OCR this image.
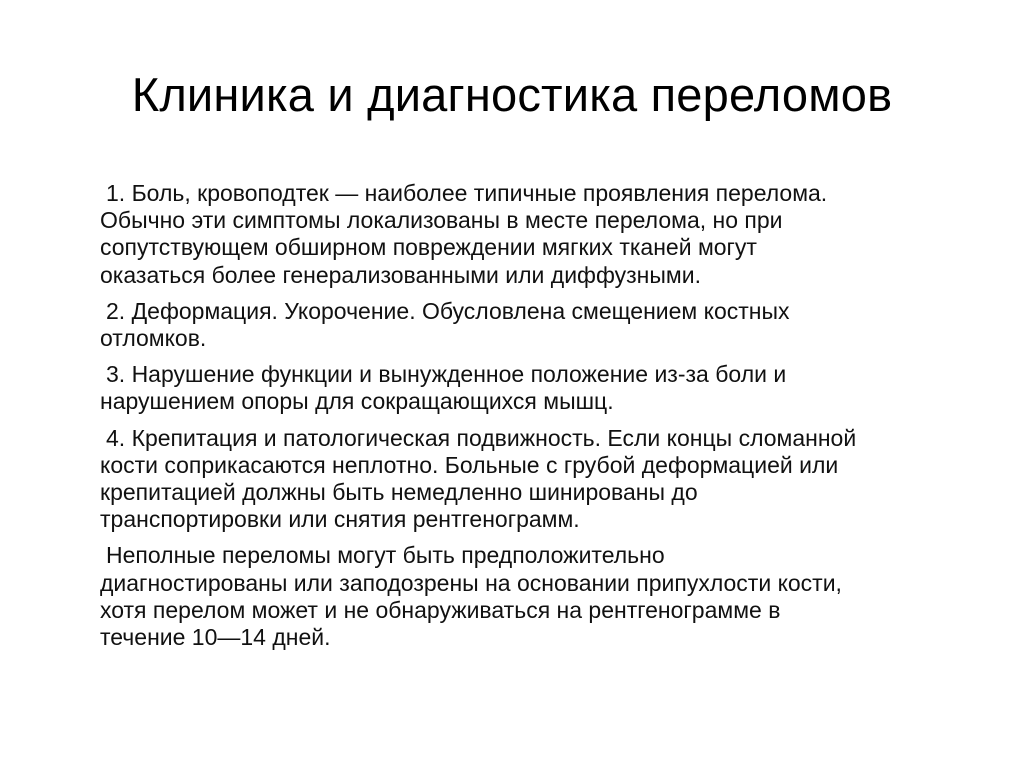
Клиника и диагностика переломов

1. Боль, кровоподтек — наиболее типичные проявления перелома.
Обычно эти симптомы локализованы в месте перелома, но при
сопутствующем обширном повреждении мягких тканей могут
оказаться более генерализованными или диффузными.

2. Деформация. Укорочение. Обусловлена смещением костных
отломков.

3. Нарушение функции и вынужденное положение из-за боли и
нарушением опоры для сокращающихся мышц.

4. Крепитация и патологическая подвижность. Если концы сломанной
кости соприкасаются неплотно. Больные с грубой деформацией или
крепитацией должны быть немедленно шинированы до
транспортировки или снятия рентгенограмм.

Неполные переломы могут быть предположительно
диагностированы или заподозрены на основании припухлости кости,
хотя перелом может и не обнаруживаться на рентгенограмме в
течение 10—14 дней.
